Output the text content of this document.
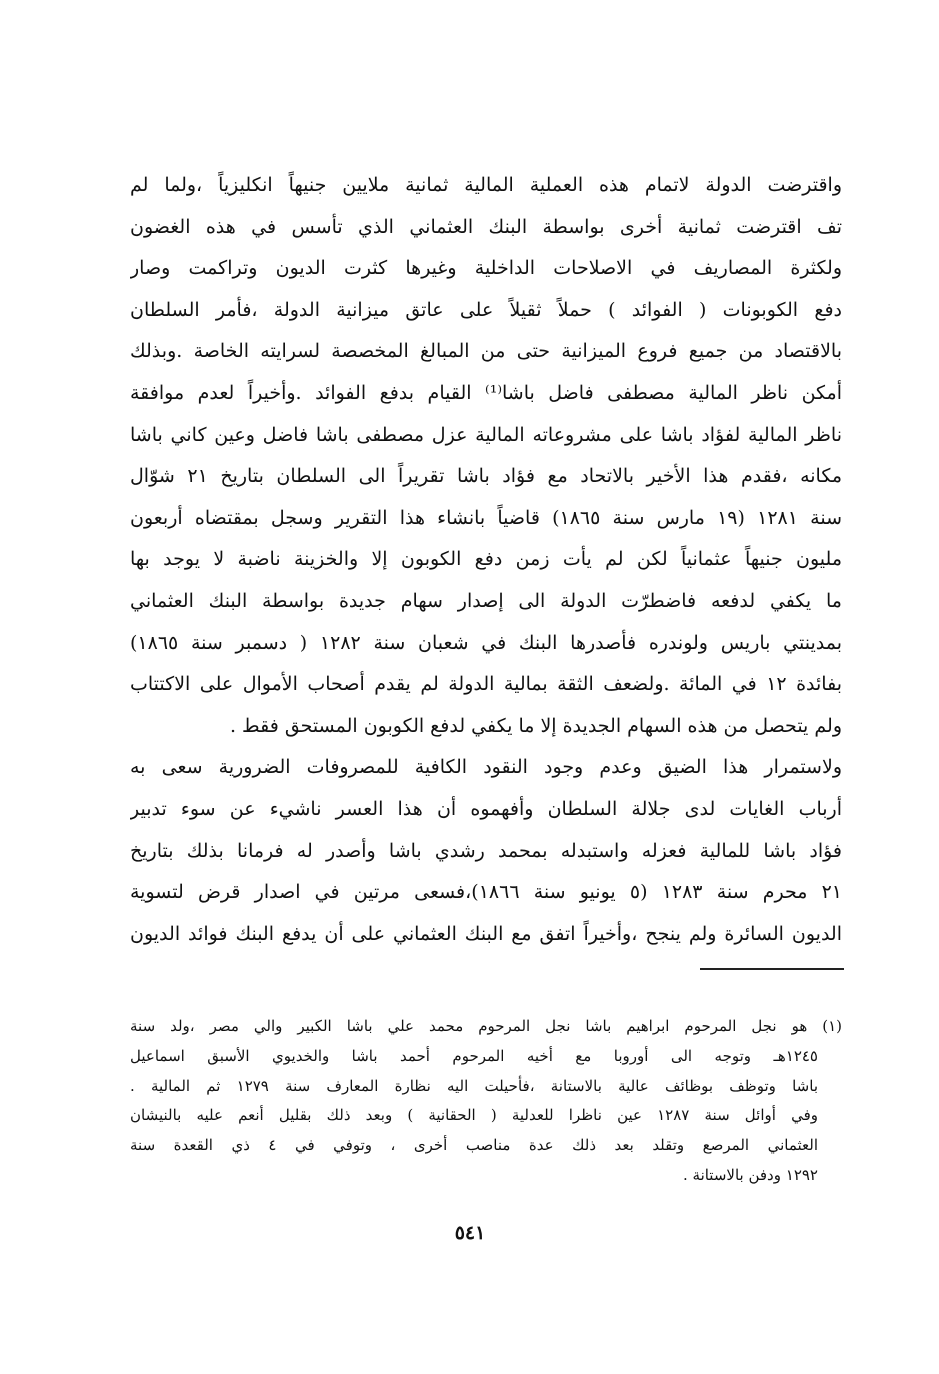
واقترضت الدولة لاتمام هذه العملية المالية ثمانية ملايين جنيهاً انكليزياً ،ولما لم
تف اقترضت ثمانية أخرى بواسطة البنك العثماني الذي تأسس في هذه الغضون
ولكثرة المصاريف في الاصلاحات الداخلية وغيرها كثرت الديون وتراكمت وصار
دفع الكوبونات ( الفوائد ) حملاً ثقيلاً على عاتق ميزانية الدولة ،فأمر السلطان
بالاقتصاد من جميع فروع الميزانية حتى من المبالغ المخصصة لسرايته الخاصة .وبذلك
أمكن ناظر المالية مصطفى فاضل باشا⁽¹⁾ القيام بدفع الفوائد .وأخيراً لعدم موافقة
ناظر المالية لفؤاد باشا على مشروعاته المالية عزل مصطفى باشا فاضل وعين كاني باشا
مكانه ،فقدم هذا الأخير بالاتحاد مع فؤاد باشا تقريراً الى السلطان بتاريخ ٢١ شوّال
سنة ١٢٨١ (١٩ مارس سنة ١٨٦٥) قاضياً بانشاء هذا التقرير وسجل بمقتضاه أربعون
مليون جنيهاً عثمانياً لكن لم يأت زمن دفع الكوبون إلا والخزينة ناضبة لا يوجد بها
ما يكفي لدفعه فاضطرّت الدولة الى إصدار سهام جديدة بواسطة البنك العثماني
بمدينتي باريس ولوندره فأصدرها البنك في شعبان سنة ١٢٨٢ ( دسمبر سنة ١٨٦٥)
بفائدة ١٢ في المائة .ولضعف الثقة بمالية الدولة لم يقدم أصحاب الأموال على الاكتتاب
ولم يتحصل من هذه السهام الجديدة إلا ما يكفي لدفع الكوبون المستحق فقط .
ولاستمرار هذا الضيق وعدم وجود النقود الكافية للمصروفات الضرورية سعى به
أرباب الغايات لدى جلالة السلطان وأفهموه أن هذا العسر ناشيء عن سوء تدبير
فؤاد باشا للمالية فعزله واستبدله بمحمد رشدي باشا وأصدر له فرمانا بذلك بتاريخ
٢١ محرم سنة ١٢٨٣ (٥ يونيو سنة ١٨٦٦)،فسعى مرتين في اصدار قرض لتسوية
الديون السائرة ولم ينجح ،وأخيراً اتفق مع البنك العثماني على أن يدفع البنك فوائد الديون
(١) هو نجل المرحوم ابراهيم باشا نجل المرحوم محمد علي باشا الكبير والي مصر ،ولد سنة
١٢٤٥هـ وتوجه الى أوروبا مع أخيه المرحوم أحمد باشا والخديوي الأسبق اسماعيل
باشا وتوظف بوظائف عالية بالاستانة ،فأحيلت اليه نظارة المعارف سنة ١٢٧٩ ثم المالية .
وفي أوائل سنة ١٢٨٧ عين ناظرا للعدلية ( الحقانية ) وبعد ذلك بقليل أنعم عليه بالنيشان
العثماني المرصع وتقلد بعد ذلك عدة مناصب أخرى ، وتوفي في ٤ ذي القعدة سنة
١٢٩٢ ودفن بالاستانة .
٥٤١
